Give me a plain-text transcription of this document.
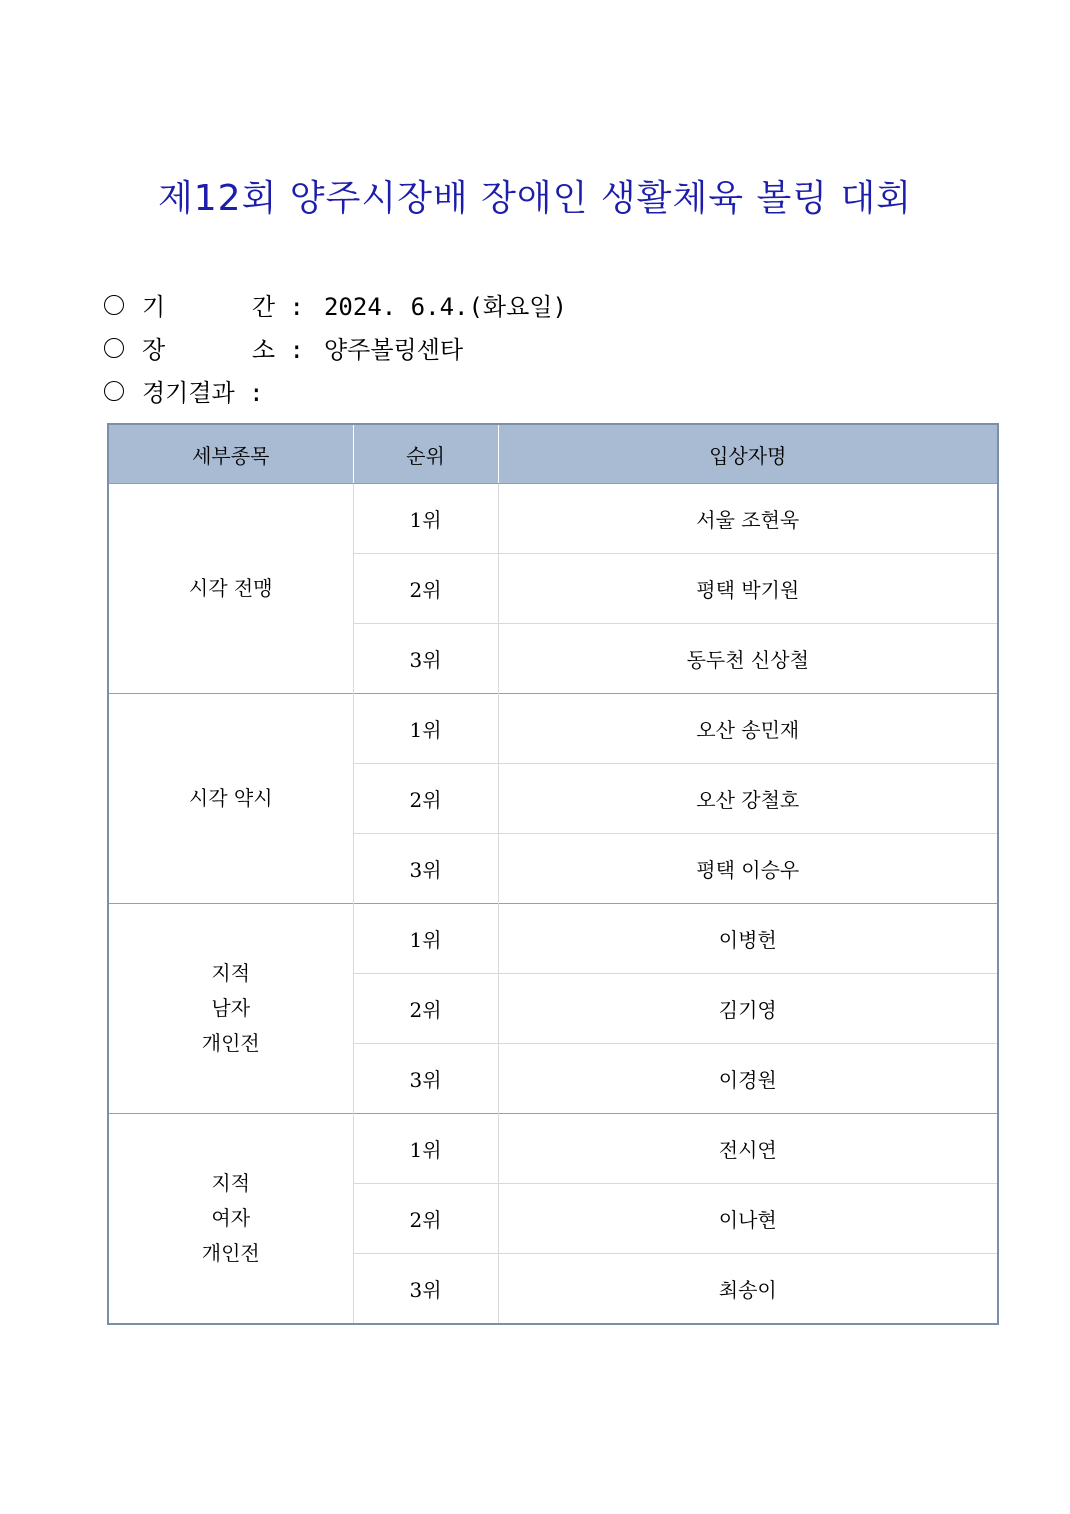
제12회 양주시장배 장애인 생활체육 볼링 대회
기      간 : 2024. 6.4.(화요일)
장      소 : 양주볼링센타
경기결과 :
세부종목	순위	입상자명

시각 전맹	1위	서울 조현욱
	2위	평택 박기원
	3위	동두천 신상철

시각 약시	1위	오산 송민재
	2위	오산 강철호
	3위	평택 이승우

지적
남자
개인전	1위	이병헌
	2위	김기영
	3위	이경원

지적
여자
개인전	1위	전시연
	2위	이나현
	3위	최송이
